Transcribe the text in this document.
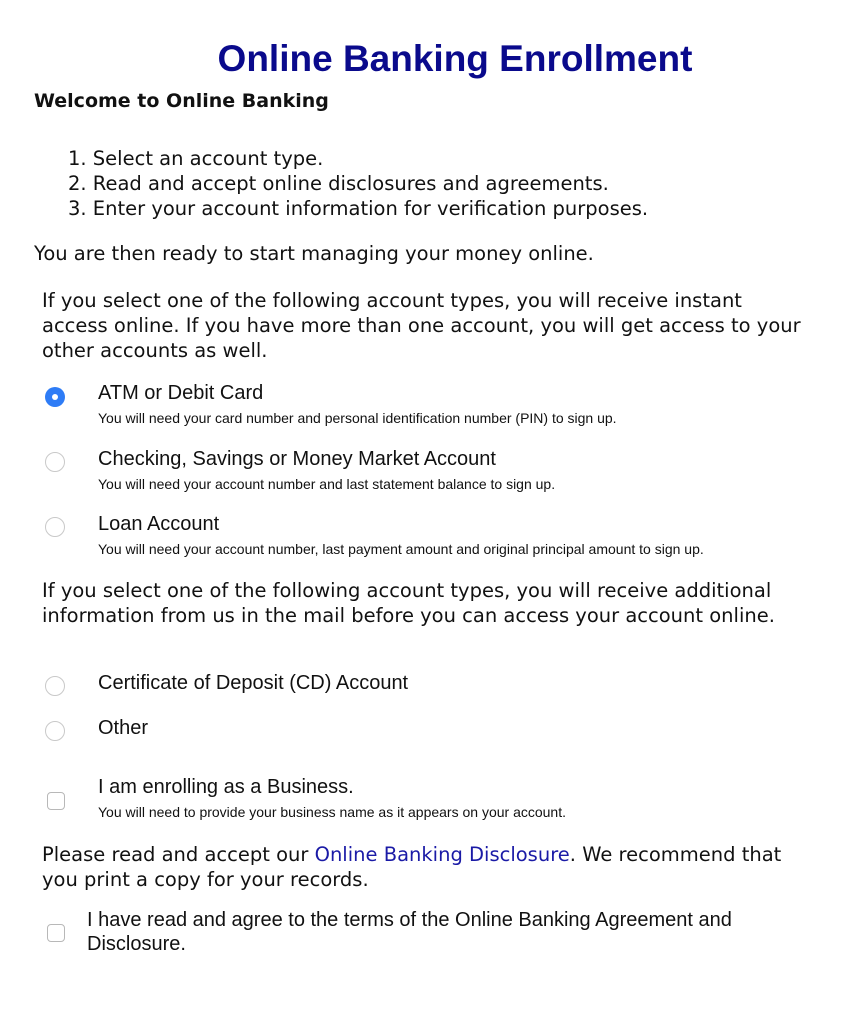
Online Banking Enrollment
Welcome to Online Banking
1. Select an account type.
2. Read and accept online disclosures and agreements.
3. Enter your account information for verification purposes.

You are then ready to start managing your money online.

If you select one of the following account types, you will receive instant access online. If you have more than one account, you will get access to your other accounts as well.

ATM or Debit Card

You will need your card number and personal identification number (PIN) to sign up.

Checking, Savings or Money Market Account

You will need your account number and last statement balance to sign up.

Loan Account

You will need your account number, last payment amount and original principal amount to sign up.

If you select one of the following account types, you will receive additional information from us in the mail before you can access your account online.

Certificate of Deposit (CD) Account

Other

I am enrolling as a Business.

You will need to provide your business name as it appears on your account.

Please read and accept our Online Banking Disclosure. We recommend that you print a copy for your records.

I have read and agree to the terms of the Online Banking Agreement and Disclosure.
